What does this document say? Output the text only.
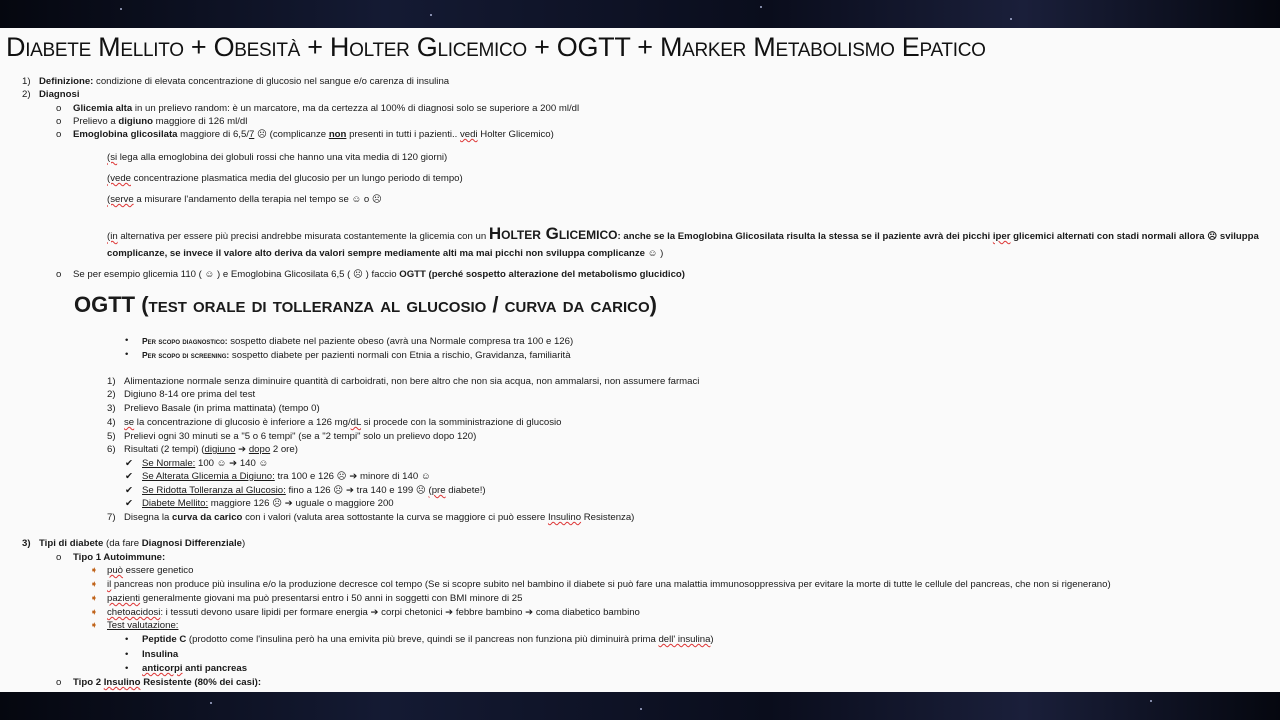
Diabete Mellito + Obesità + Holter Glicemico + OGTT + Marker Metabolismo Epatico
1) Definizione: condizione di elevata concentrazione di glucosio nel sangue e/o carenza di insulina
2) Diagnosi
o Glicemia alta in un prelievo random: è un marcatore, ma da certezza al 100% di diagnosi solo se superiore a 200 ml/dl
o Prelievo a digiuno maggiore di 126 ml/dl
o Emoglobina glicosilata maggiore di 6,5/7 ☹ (complicanze non presenti in tutti i pazienti.. vedi Holter Glicemico)
(si lega alla emoglobina dei globuli rossi che hanno una vita media di 120 giorni)
(vede concentrazione plasmatica media del glucosio per un lungo periodo di tempo)
(serve a misurare l'andamento della terapia nel tempo se ☺ o ☹
(in alternativa per essere più precisi andrebbe misurata costantemente la glicemia con un Holter Glicemico: anche se la Emoglobina Glicosilata risulta la stessa se il paziente avrà dei picchi iper glicemici alternati con stadi normali allora ☹ sviluppa
complicanze, se invece il valore alto deriva da valori sempre mediamente alti ma mai picchi non sviluppa complicanze ☺ )
o Se per esempio glicemia 110 ( ☺ ) e Emoglobina Glicosilata 6,5 ( ☹ ) faccio OGTT (perché sospetto alterazione del metabolismo glucidico)
OGTT (test orale di tolleranza al glucosio / curva da carico)
• Per scopo diagnostico: sospetto diabete nel paziente obeso (avrà una Normale compresa tra 100 e 126)
• Per scopo di screening: sospetto diabete per pazienti normali con Etnia a rischio, Gravidanza, familiarità
1) Alimentazione normale senza diminuire quantità di carboidrati, non bere altro che non sia acqua, non ammalarsi, non assumere farmaci
2) Digiuno 8-14 ore prima del test
3) Prelievo Basale (in prima mattinata) (tempo 0)
4) se la concentrazione di glucosio è inferiore a 126 mg/dL si procede con la somministrazione di glucosio
5) Prelievi ogni 30 minuti se a "5 o 6 tempi" (se a "2 tempi" solo un prelievo dopo 120)
6) Risultati (2 tempi) (digiuno ➔ dopo 2 ore)
✔ Se Normale: 100 ☺ ➔ 140 ☺
✔ Se Alterata Glicemia a Digiuno: tra 100 e 126 ☹ ➔ minore di 140 ☺
✔ Se Ridotta Tolleranza al Glucosio: fino a 126 ☹ ➔ tra 140 e 199 ☹ (pre diabete!)
✔ Diabete Mellito: maggiore 126 ☹ ➔ uguale o maggiore 200
7) Disegna la curva da carico con i valori (valuta area sottostante la curva se maggiore ci può essere Insulino Resistenza)
3) Tipi di diabete (da fare Diagnosi Differenziale)
o Tipo 1 Autoimmune:
➧ può essere genetico
➧ il pancreas non produce più insulina e/o la produzione decresce col tempo (Se si scopre subito nel bambino il diabete si può fare una malattia immunosoppressiva per evitare la morte di tutte le cellule del pancreas, che non si rigenerano)
➧ pazienti generalmente giovani ma può presentarsi entro i 50 anni in soggetti con BMI minore di 25
➧ chetoacidosi: i tessuti devono usare lipidi per formare energia ➔ corpi chetonici ➔ febbre bambino ➔ coma diabetico bambino
➧ Test valutazione:
• Peptide C (prodotto come l'insulina però ha una emivita più breve, quindi se il pancreas non funziona più diminuirà prima dell' insulina)
• Insulina
• anticorpi anti pancreas
o Tipo 2 Insulino Resistente (80% dei casi):
